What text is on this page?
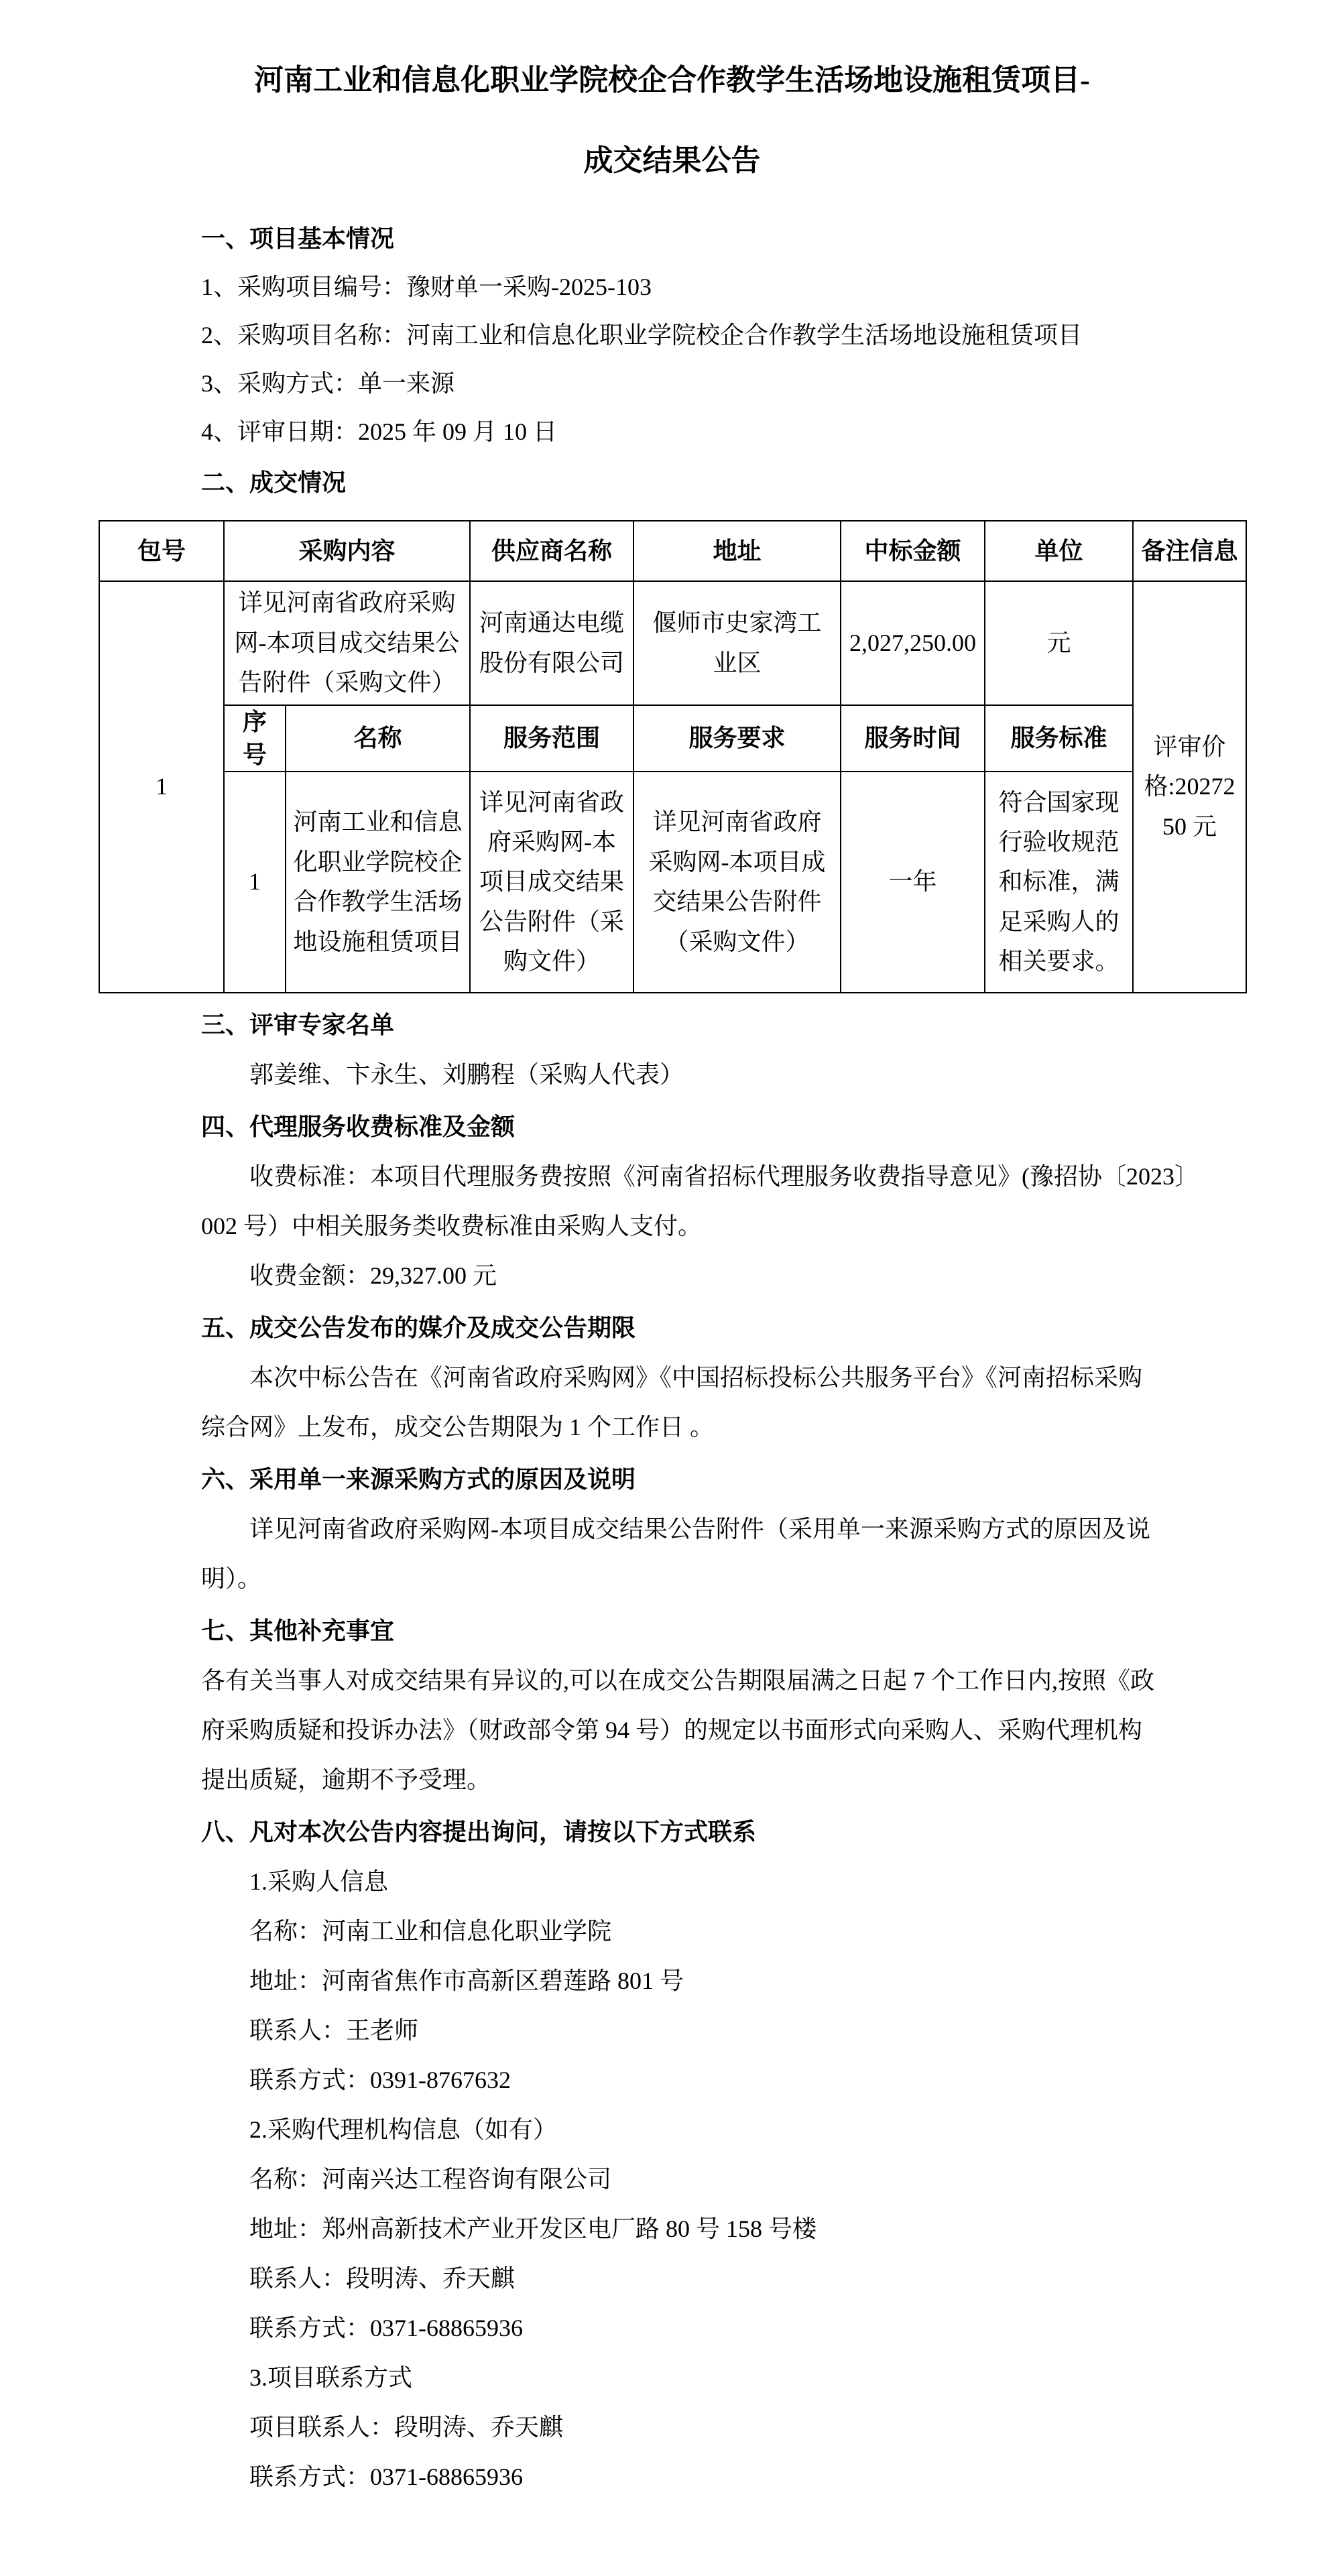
河南工业和信息化职业学院校企合作教学生活场地设施租赁项目-
成交结果公告
一、项目基本情况
1、采购项目编号：豫财单一采购-2025-103
2、采购项目名称：河南工业和信息化职业学院校企合作教学生活场地设施租赁项目
3、采购方式：单一来源
4、评审日期：2025 年 09 月 10 日
二、成交情况
包号	采购内容		供应商名称	地址	中标金额	单位	备注信息
1	详见河南省政府采购网-本项目成交结果公告附件（采购文件）		河南通达电缆股份有限公司	偃师市史家湾工业区	2,027,250.00	元	评审价格:2027250 元
	序号	名称	服务范围	服务要求	服务时间	服务标准	
	1	河南工业和信息化职业学院校企合作教学生活场地设施租赁项目	详见河南省政府采购网-本项目成交结果公告附件（采购文件）	详见河南省政府采购网-本项目成交结果公告附件（采购文件）	一年	符合国家现行验收规范和标准，满足采购人的相关要求。	
三、评审专家名单
郭姜维、卞永生、刘鹏程（采购人代表）
四、代理服务收费标准及金额
收费标准：本项目代理服务费按照《河南省招标代理服务收费指导意见》(豫招协〔2023〕
002 号）中相关服务类收费标准由采购人支付。
收费金额：29,327.00 元
五、成交公告发布的媒介及成交公告期限
本次中标公告在《河南省政府采购网》《中国招标投标公共服务平台》《河南招标采购
综合网》上发布，成交公告期限为 1 个工作日 。
六、采用单一来源采购方式的原因及说明
详见河南省政府采购网-本项目成交结果公告附件（采用单一来源采购方式的原因及说
明）。
七、其他补充事宜
各有关当事人对成交结果有异议的,可以在成交公告期限届满之日起 7 个工作日内,按照《政
府采购质疑和投诉办法》（财政部令第 94 号）的规定以书面形式向采购人、采购代理机构
提出质疑，逾期不予受理。
八、凡对本次公告内容提出询问，请按以下方式联系
1.采购人信息
名称：河南工业和信息化职业学院
地址：河南省焦作市高新区碧莲路 801 号
联系人：王老师
联系方式：0391-8767632
2.采购代理机构信息（如有）
名称：河南兴达工程咨询有限公司
地址：郑州高新技术产业开发区电厂路 80 号 158 号楼
联系人：段明涛、乔天麒
联系方式：0371-68865936
3.项目联系方式
项目联系人：段明涛、乔天麒
联系方式：0371-68865936
